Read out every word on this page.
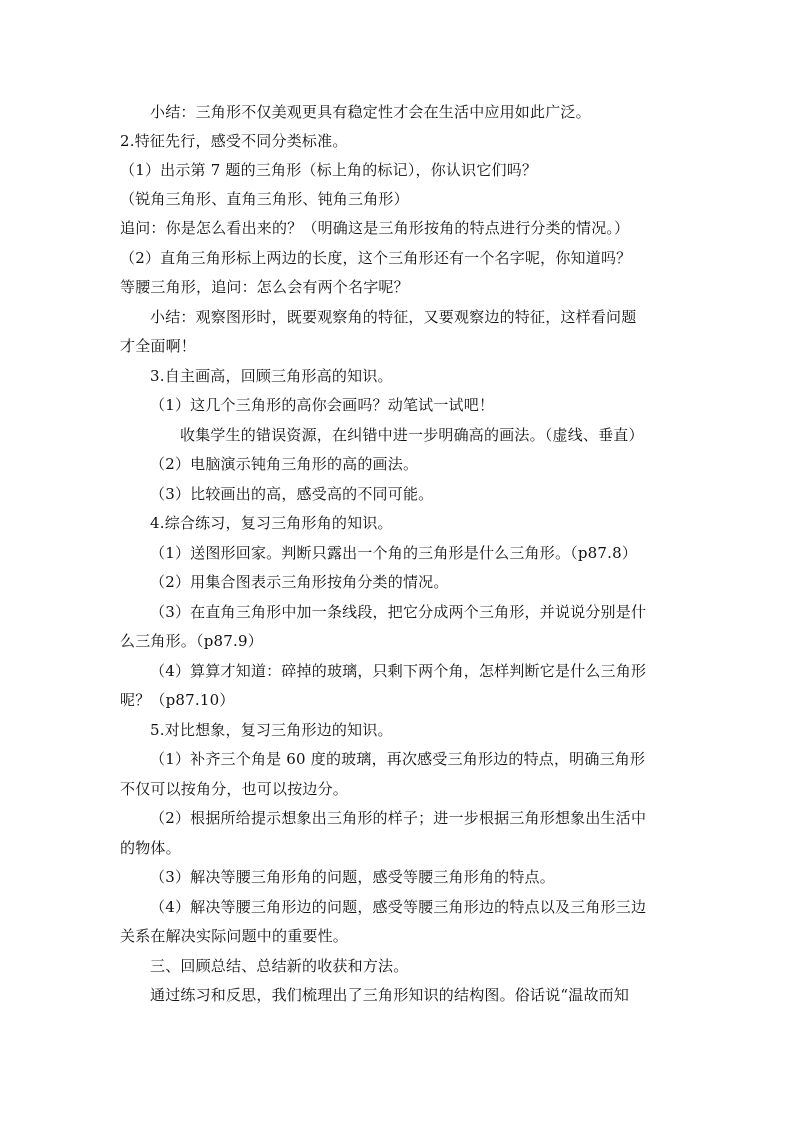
小结：三角形不仅美观更具有稳定性才会在生活中应用如此广泛。
2.特征先行，感受不同分类标准。
（1）出示第 7 题的三角形（标上角的标记），你认识它们吗？
（锐角三角形、直角三角形、钝角三角形）
追问：你是怎么看出来的？（明确这是三角形按角的特点进行分类的情况。）
（2）直角三角形标上两边的长度，这个三角形还有一个名字呢，你知道吗？
等腰三角形，追问：怎么会有两个名字呢？
小结：观察图形时，既要观察角的特征，又要观察边的特征，这样看问题
才全面啊！
3.自主画高，回顾三角形高的知识。
（1）这几个三角形的高你会画吗？动笔试一试吧！
收集学生的错误资源，在纠错中进一步明确高的画法。（虚线、垂直）
（2）电脑演示钝角三角形的高的画法。
（3）比较画出的高，感受高的不同可能。
4.综合练习，复习三角形角的知识。
（1）送图形回家。判断只露出一个角的三角形是什么三角形。（p87.8）
（2）用集合图表示三角形按角分类的情况。
（3）在直角三角形中加一条线段，把它分成两个三角形，并说说分别是什
么三角形。（p87.9）
（4）算算才知道：碎掉的玻璃，只剩下两个角，怎样判断它是什么三角形
呢？（p87.10）
5.对比想象，复习三角形边的知识。
（1）补齐三个角是 60 度的玻璃，再次感受三角形边的特点，明确三角形
不仅可以按角分，也可以按边分。
（2）根据所给提示想象出三角形的样子；进一步根据三角形想象出生活中
的物体。
（3）解决等腰三角形角的问题，感受等腰三角形角的特点。
（4）解决等腰三角形边的问题，感受等腰三角形边的特点以及三角形三边
关系在解决实际问题中的重要性。
三、回顾总结、总结新的收获和方法。
通过练习和反思，我们梳理出了三角形知识的结构图。俗话说“温故而知
